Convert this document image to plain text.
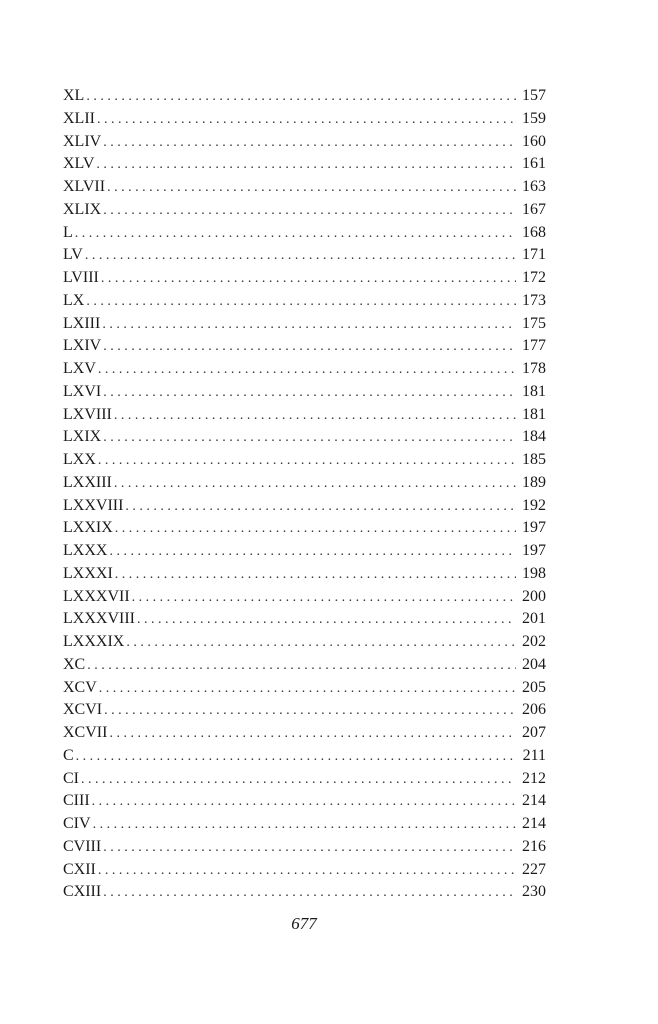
XL . . .	157
XLII . . .	159
XLIV . . .	160
XLV . . .	161
XLVII . . .	163
XLIX . . .	167
L . . .	168
LV . . .	171
LVIII . . .	172
LX . . .	173
LXIII . . .	175
LXIV . . .	177
LXV . . .	178
LXVI . . .	181
LXVIII . . .	181
LXIX . . .	184
LXX . . .	185
LXXIII . . .	189
LXXVIII . . .	192
LXXIX . . .	197
LXXX . . .	197
LXXXI . . .	198
LXXXVII . . .	200
LXXXVIII . . .	201
LXXXIX . . .	202
XC . . .	204
XCV . . .	205
XCVI . . .	206
XCVII . . .	207
C . . .	211
CI . . .	212
CIII . . .	214
CIV . . .	214
CVIII . . .	216
CXII . . .	227
CXIII . . .	230
677
